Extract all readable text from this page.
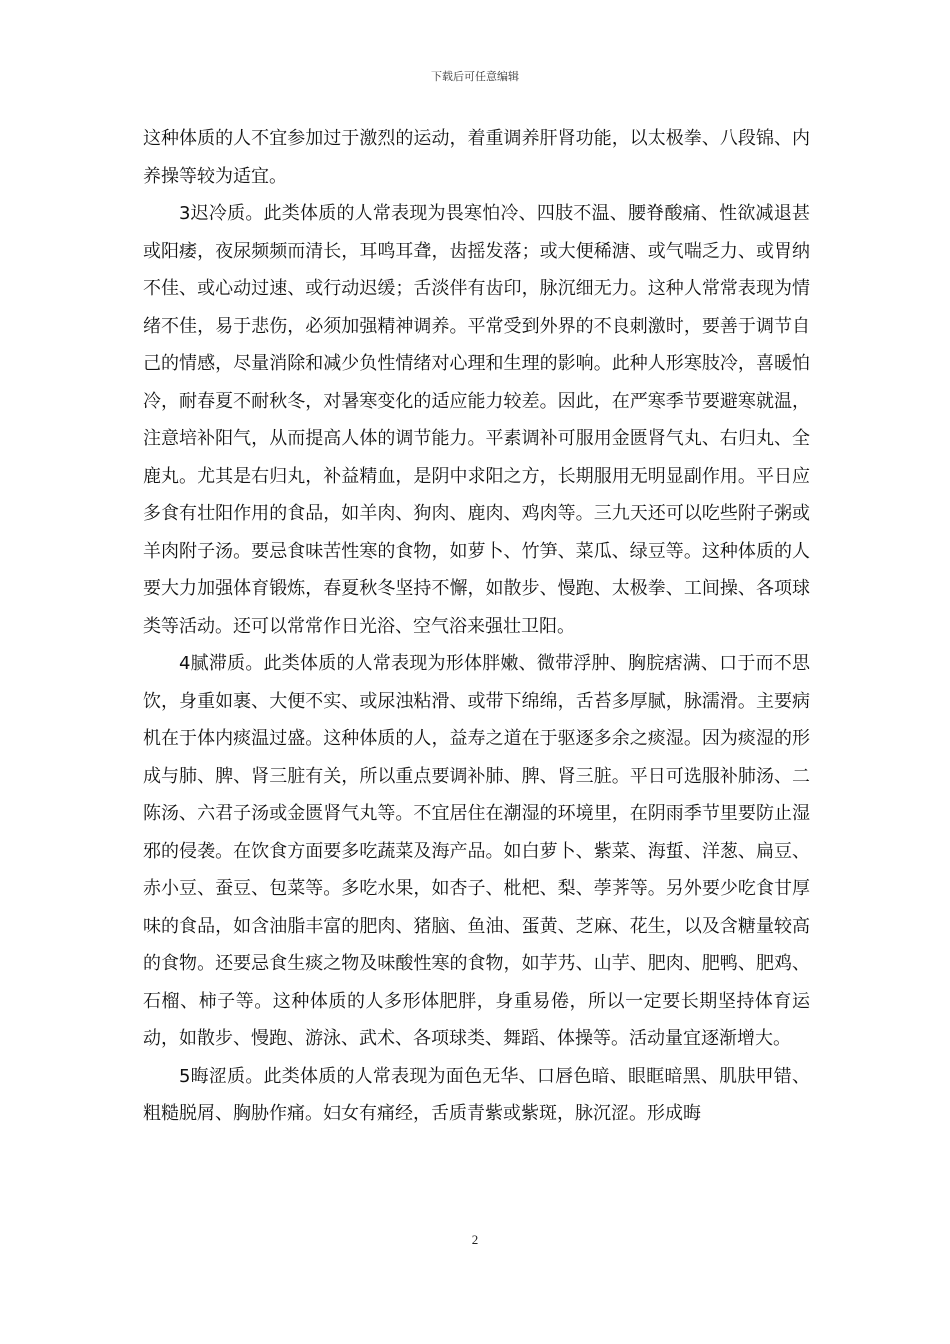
下载后可任意编辑

这种体质的人不宜参加过于激烈的运动，着重调养肝肾功能，以太极拳、八段锦、内养操等较为适宜。

3迟冷质。此类体质的人常表现为畏寒怕冷、四肢不温、腰脊酸痛、性欲减退甚或阳痿，夜尿频频而清长，耳鸣耳聋，齿摇发落；或大便稀溏、或气喘乏力、或胃纳不佳、或心动过速、或行动迟缓；舌淡伴有齿印，脉沉细无力。这种人常常表现为情绪不佳，易于悲伤，必须加强精神调养。平常受到外界的不良刺激时，要善于调节自己的情感，尽量消除和减少负性情绪对心理和生理的影响。此种人形寒肢冷，喜暖怕冷，耐春夏不耐秋冬，对暑寒变化的适应能力较差。因此，在严寒季节要避寒就温，注意培补阳气，从而提高人体的调节能力。平素调补可服用金匮肾气丸、右归丸、全鹿丸。尤其是右归丸，补益精血，是阴中求阳之方，长期服用无明显副作用。平日应多食有壮阳作用的食品，如羊肉、狗肉、鹿肉、鸡肉等。三九天还可以吃些附子粥或羊肉附子汤。要忌食味苦性寒的食物，如萝卜、竹笋、菜瓜、绿豆等。这种体质的人要大力加强体育锻炼，春夏秋冬坚持不懈，如散步、慢跑、太极拳、工间操、各项球类等活动。还可以常常作日光浴、空气浴来强壮卫阳。

4腻滞质。此类体质的人常表现为形体胖嫩、微带浮肿、胸脘痞满、口于而不思饮，身重如裹、大便不实、或尿浊粘滑、或带下绵绵，舌苔多厚腻，脉濡滑。主要病机在于体内痰温过盛。这种体质的人，益寿之道在于驱逐多余之痰湿。因为痰湿的形成与肺、脾、肾三脏有关，所以重点要调补肺、脾、肾三脏。平日可选服补肺汤、二陈汤、六君子汤或金匮肾气丸等。不宜居住在潮湿的环境里，在阴雨季节里要防止湿邪的侵袭。在饮食方面要多吃蔬菜及海产品。如白萝卜、紫菜、海蜇、洋葱、扁豆、赤小豆、蚕豆、包菜等。多吃水果，如杏子、枇杷、梨、荸荠等。另外要少吃食甘厚味的食品，如含油脂丰富的肥肉、猪脑、鱼油、蛋黄、芝麻、花生，以及含糖量较高的食物。还要忌食生痰之物及味酸性寒的食物，如芋艿、山芋、肥肉、肥鸭、肥鸡、石榴、柿子等。这种体质的人多形体肥胖，身重易倦，所以一定要长期坚持体育运动，如散步、慢跑、游泳、武术、各项球类、舞蹈、体操等。活动量宜逐渐增大。

5晦涩质。此类体质的人常表现为面色无华、口唇色暗、眼眶暗黑、肌肤甲错、粗糙脱屑、胸胁作痛。妇女有痛经，舌质青紫或紫斑，脉沉涩。形成晦

2
